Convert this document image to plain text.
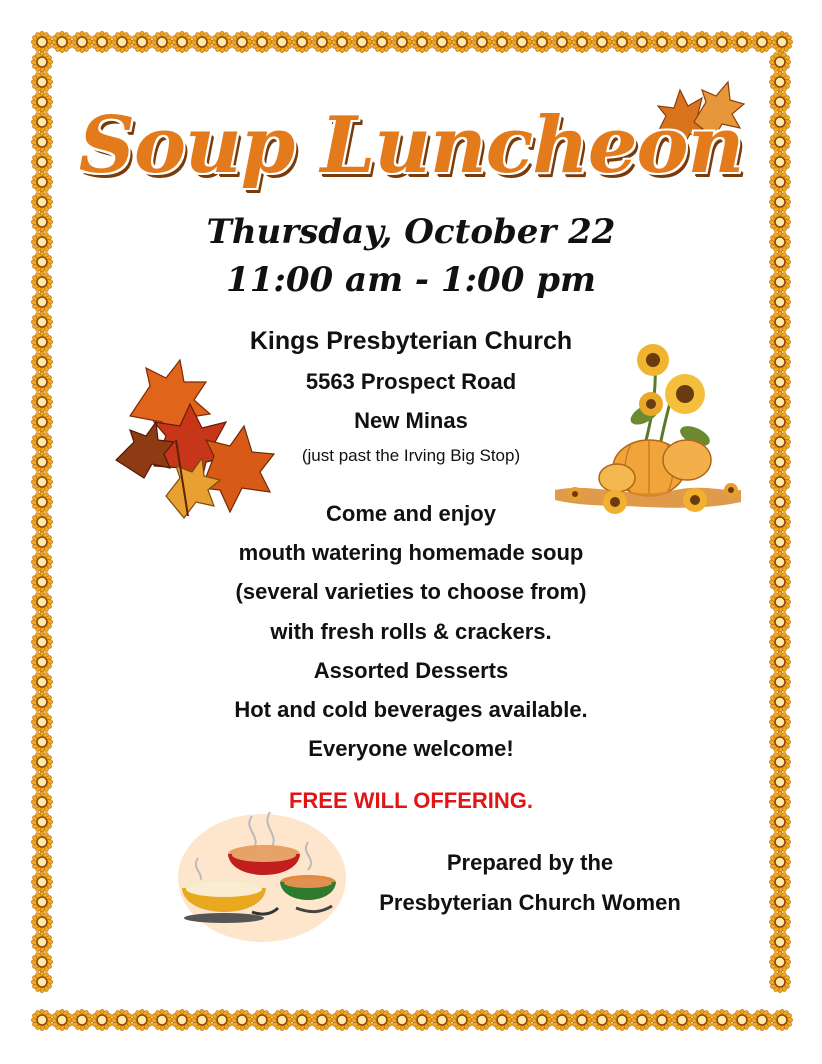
Soup Luncheon
Thursday, October 22
11:00 am - 1:00 pm
Kings Presbyterian Church
5563 Prospect Road
New Minas
(just past the Irving Big Stop)
Come and enjoy
mouth watering homemade soup
(several varieties to choose from)
with fresh rolls & crackers.
Assorted Desserts
Hot and cold beverages available.
Everyone welcome!
FREE WILL OFFERING.
Prepared by the
Presbyterian Church Women
